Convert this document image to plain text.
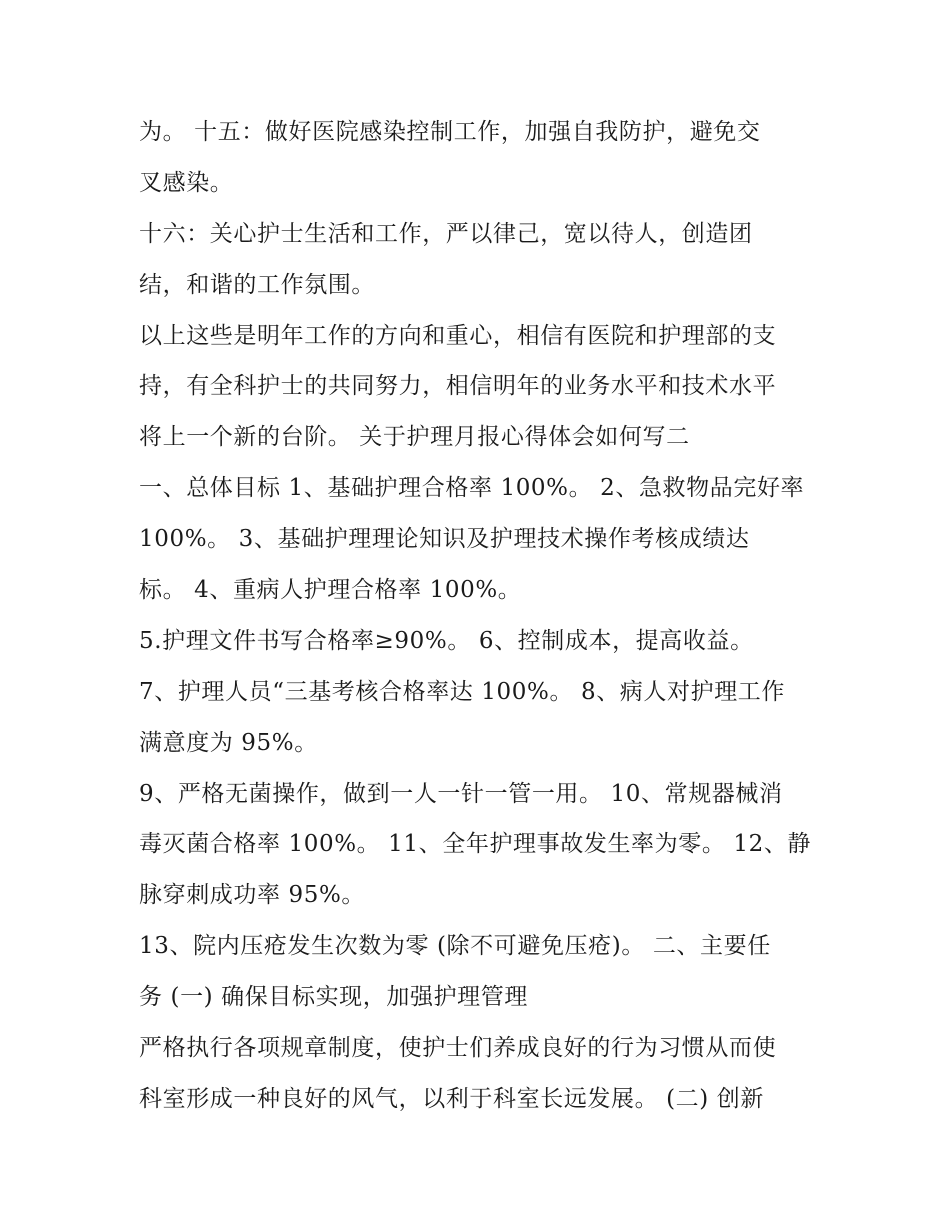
为。 十五：做好医院感染控制工作，加强自我防护，避免交
叉感染。
十六：关心护士生活和工作，严以律己，宽以待人，创造团
结，和谐的工作氛围。
以上这些是明年工作的方向和重心，相信有医院和护理部的支
持，有全科护士的共同努力，相信明年的业务水平和技术水平
将上一个新的台阶。 关于护理月报心得体会如何写二
一、总体目标 1、基础护理合格率 100%。 2、急救物品完好率
100%。 3、基础护理理论知识及护理技术操作考核成绩达
标。 4、重病人护理合格率 100%。
5.护理文件书写合格率≥90%。 6、控制成本，提高收益。
7、护理人员“三基考核合格率达 100%。 8、病人对护理工作
满意度为 95%。
9、严格无菌操作，做到一人一针一管一用。 10、常规器械消
毒灭菌合格率 100%。 11、全年护理事故发生率为零。 12、静
脉穿刺成功率 95%。
13、院内压疮发生次数为零 (除不可避免压疮)。 二、主要任
务 (一) 确保目标实现，加强护理管理
严格执行各项规章制度，使护士们养成良好的行为习惯从而使
科室形成一种良好的风气，以利于科室长远发展。 (二) 创新
